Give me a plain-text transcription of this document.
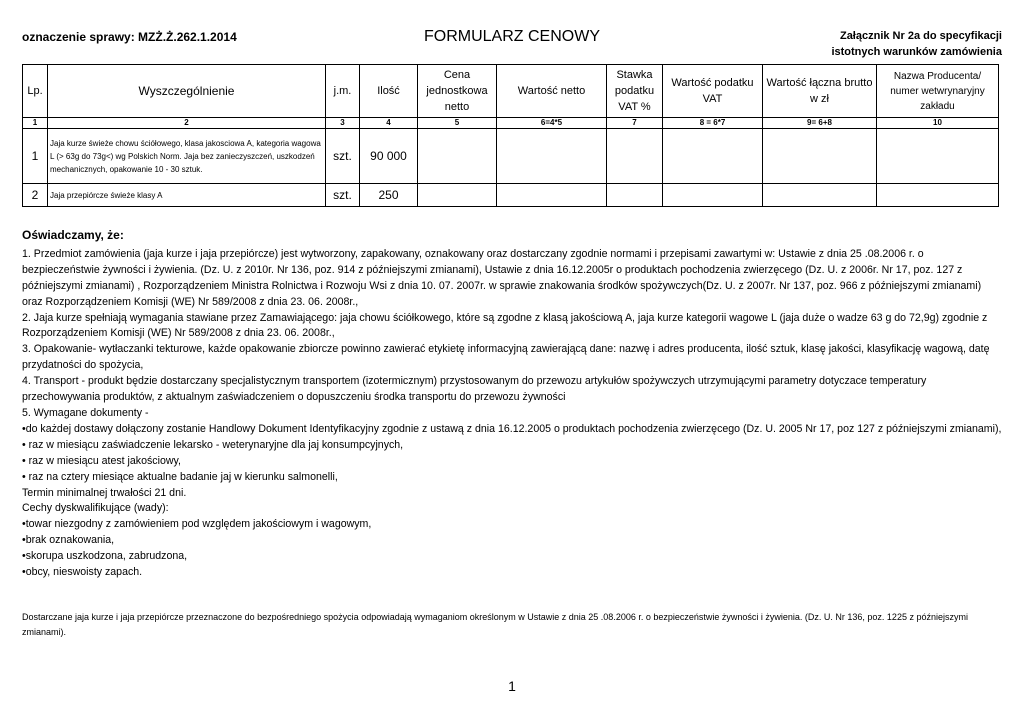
oznaczenie sprawy: MZŻ.Ż.262.1.2014	FORMULARZ CENOWY	Załącznik Nr 2a do specyfikacji
istotnych warunków zamówienia
Lp.	Wyszczególnienie	j.m.	Ilość	Cena jednostkowa netto	Wartość netto	Stawka podatku VAT %	Wartość podatku VAT	Wartość łączna brutto w zł	Nazwa Producenta/ numer wetwrynaryjny zakładu
1	2	3	4	5	6=4*5	7	8 = 6*7	9= 6+8	10
1	Jaja kurze świeże chowu ściółowego, klasa jakosciowa A, kategoria wagowa L (> 63g do 73g<) wg Polskich Norm. Jaja bez zanieczyszczeń, uszkodzeń mechanicznych, opakowanie 10 - 30 sztuk.	szt.	90 000						
2	Jaja przepiórcze świeże klasy A	szt.	250						
Oświadczamy, że:

1. Przedmiot zamówienia (jaja kurze i jaja przepiórcze) jest wytworzony, zapakowany, oznakowany oraz dostarczany zgodnie normami i przepisami zawartymi w: Ustawie z dnia 25 .08.2006 r. o bezpieczeństwie żywności i żywienia. (Dz. U. z 2010r. Nr 136, poz. 914 z późniejszymi zmianami), Ustawie z dnia 16.12.2005r o produktach pochodzenia zwierzęcego (Dz. U. z 2006r. Nr 17, poz. 127 z późniejszymi zmianami) , Rozporządzeniem Ministra Rolnictwa i Rozwoju Wsi z dnia 10. 07. 2007r. w sprawie znakowania środków spożywczych(Dz. U. z 2007r. Nr 137, poz. 966 z późniejszymi zmianami) oraz Rozporządzeniem Komisji (WE) Nr 589/2008 z dnia 23. 06. 2008r.,

2. Jaja kurze spełniają wymagania stawiane przez Zamawiającego: jaja chowu ściółkowego, które są zgodne z klasą jakościową A, jaja kurze kategorii wagowe L (jaja duże o wadze 63 g do 72,9g) zgodnie z Rozporządzeniem Komisji (WE) Nr 589/2008 z dnia 23. 06. 2008r.,

3. Opakowanie- wytłaczanki tekturowe, każde opakowanie zbiorcze powinno zawierać etykietę informacyjną zawierającą dane: nazwę i adres producenta, ilość sztuk, klasę jakości, klasyfikację wagową, datę przydatności do spożycia,

4. Transport - produkt będzie dostarczany specjalistycznym transportem (izotermicznym) przystosowanym do przewozu artykułów spożywczych utrzymującymi parametry dotyczace temperatury przechowywania produktów, z aktualnym zaświadczeniem o dopuszczeniu środka transportu do przewozu żywności

5. Wymagane dokumenty -

•do każdej dostawy dołączony zostanie Handlowy Dokument Identyfikacyjny zgodnie z ustawą z dnia 16.12.2005 o produktach pochodzenia zwierzęcego (Dz. U. 2005 Nr 17, poz 127 z późniejszymi zmianami),

• raz w miesiącu zaświadczenie lekarsko - weterynaryjne dla jaj konsumpcyjnych,

• raz w miesiącu atest jakościowy,

• raz na cztery miesiące aktualne badanie jaj w kierunku salmonelli,

Termin minimalnej trwałości 21 dni.

Cechy dyskwalifikujące (wady):

•towar niezgodny z zamówieniem pod względem jakościowym i wagowym,

•brak oznakowania,

•skorupa uszkodzona, zabrudzona,

•obcy, nieswoisty zapach.

Dostarczane jaja kurze i jaja przepiórcze przeznaczone do bezpośredniego spożycia odpowiadają wymaganiom określonym w Ustawie z dnia 25 .08.2006 r. o bezpieczeństwie żywności i żywienia. (Dz. U. Nr 136, poz. 1225 z późniejszymi zmianami).
1
